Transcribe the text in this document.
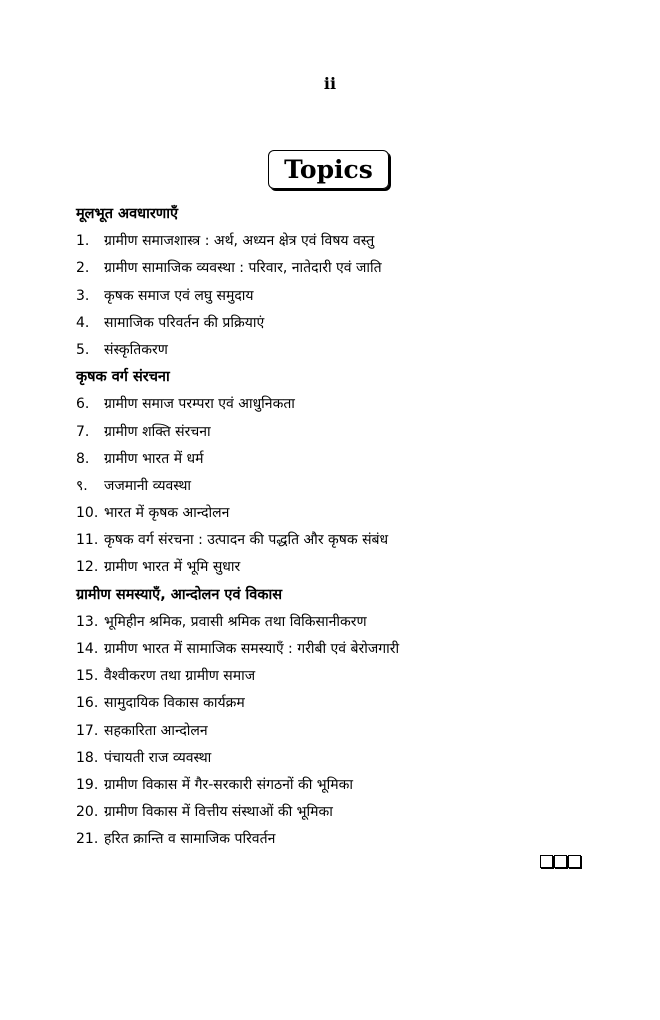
ii
Topics
मूलभूत अवधारणाएँ
1.	ग्रामीण समाजशास्त्र : अर्थ, अध्यन क्षेत्र एवं विषय वस्तु
2.	ग्रामीण सामाजिक व्यवस्था : परिवार, नातेदारी एवं जाति
3.	कृषक समाज एवं लघु समुदाय
4.	सामाजिक परिवर्तन की प्रक्रियाएं
5.	संस्कृतिकरण
कृषक वर्ग संरचना
6.	ग्रामीण समाज परम्परा एवं आधुनिकता
7.	ग्रामीण शक्ति संरचना
8.	ग्रामीण भारत में धर्म
९.	जजमानी व्यवस्था
10. भारत में कृषक आन्दोलन
11. कृषक वर्ग संरचना : उत्पादन की पद्धति और कृषक संबंध
12. ग्रामीण भारत में भूमि सुधार
ग्रामीण समस्याएँ, आन्दोलन एवं विकास
13. भूमिहीन श्रमिक, प्रवासी श्रमिक तथा विकिसानीकरण
14. ग्रामीण भारत में सामाजिक समस्याएँ : गरीबी एवं बेरोजगारी
15. वैश्वीकरण तथा ग्रामीण समाज
16. सामुदायिक विकास कार्यक्रम
17. सहकारिता आन्दोलन
18. पंचायती राज व्यवस्था
19. ग्रामीण विकास में गैर-सरकारी संगठनों की भूमिका
20. ग्रामीण विकास में वित्तीय संस्थाओं की भूमिका
21. हरित क्रान्ति व सामाजिक परिवर्तन
